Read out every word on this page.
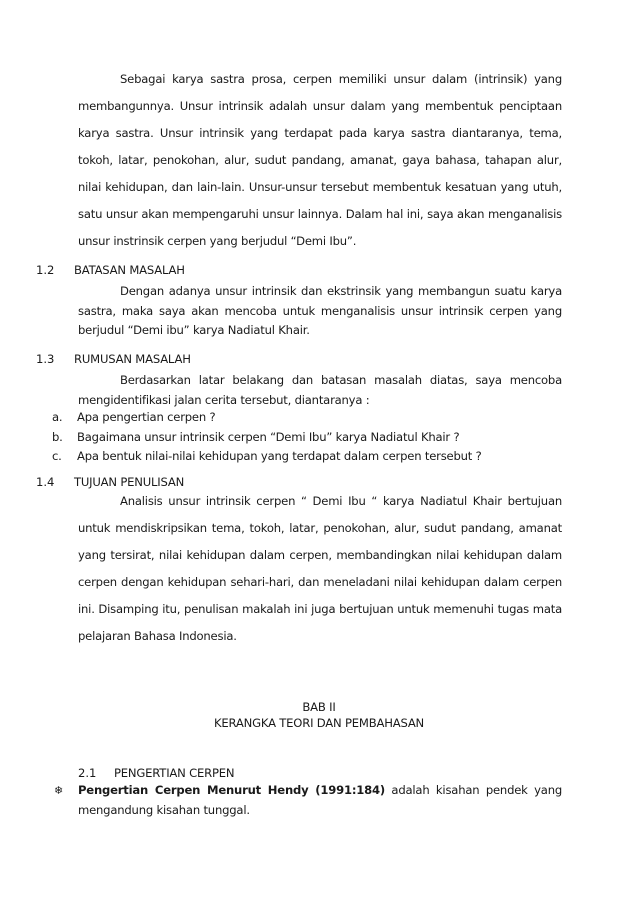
Sebagai karya sastra prosa, cerpen memiliki unsur dalam (intrinsik) yang membangunnya. Unsur intrinsik adalah unsur dalam yang membentuk penciptaan karya sastra. Unsur intrinsik yang terdapat pada karya sastra diantaranya, tema, tokoh, latar, penokohan, alur, sudut pandang, amanat, gaya bahasa, tahapan alur, nilai kehidupan, dan lain-lain. Unsur-unsur tersebut membentuk kesatuan yang utuh, satu unsur akan mempengaruhi unsur lainnya. Dalam hal ini, saya akan menganalisis unsur instrinsik cerpen yang berjudul “Demi Ibu”.

1.2 BATASAN MASALAH

Dengan adanya unsur intrinsik dan ekstrinsik yang membangun suatu karya sastra, maka saya akan mencoba untuk menganalisis unsur intrinsik cerpen yang berjudul “Demi ibu” karya Nadiatul Khair.

1.3 RUMUSAN MASALAH

Berdasarkan latar belakang dan batasan masalah diatas, saya mencoba mengidentifikasi jalan cerita tersebut, diantaranya :

a. Apa pengertian cerpen ?
b. Bagaimana unsur intrinsik cerpen “Demi Ibu” karya Nadiatul Khair ?
c. Apa bentuk nilai-nilai kehidupan yang terdapat dalam cerpen tersebut ?
1.4 TUJUAN PENULISAN

Analisis unsur intrinsik cerpen “ Demi Ibu “ karya Nadiatul Khair bertujuan untuk mendiskripsikan tema, tokoh, latar, penokohan, alur, sudut pandang, amanat yang tersirat, nilai kehidupan dalam cerpen, membandingkan nilai kehidupan dalam cerpen dengan kehidupan sehari-hari, dan meneladani nilai kehidupan dalam cerpen ini. Disamping itu, penulisan makalah ini juga bertujuan untuk memenuhi tugas mata pelajaran Bahasa Indonesia.

BAB II
KERANGKA TEORI DAN PEMBAHASAN
2.1 PENGERTIAN CERPEN
❄ Pengertian Cerpen Menurut Hendy (1991:184) adalah kisahan pendek yang mengandung kisahan tunggal.
